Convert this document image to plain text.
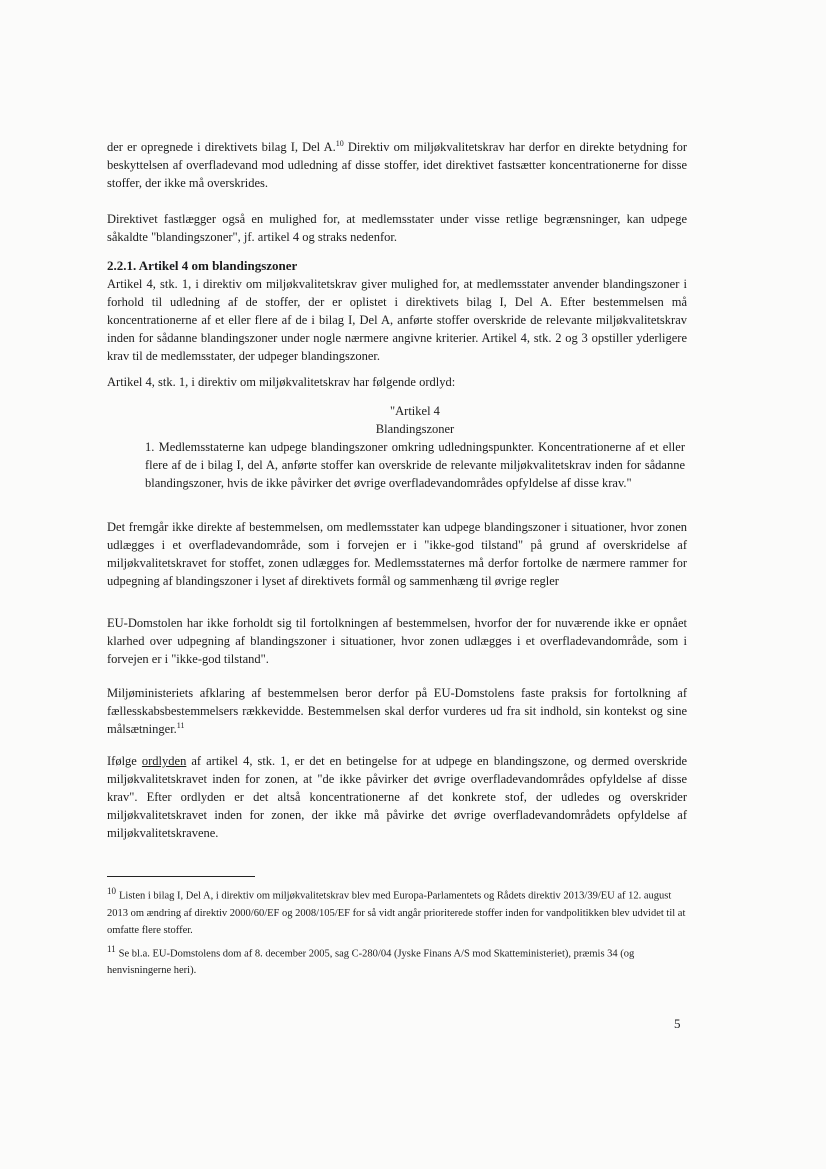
der er opregnede i direktivets bilag I, Del A.$^{10}$ Direktiv om miljøkvalitetskrav har derfor en direkte betydning for beskyttelsen af overfladevand mod udledning af disse stoffer, idet direktivet fastsætter koncentrationerne for disse stoffer, der ikke må overskrides.

Direktivet fastlægger også en mulighed for, at medlemsstater under visse retlige begrænsninger, kan udpege såkaldte "blandingszoner", jf. artikel 4 og straks nedenfor.

2.2.1. Artikel 4 om blandingszoner

Artikel 4, stk. 1, i direktiv om miljøkvalitetskrav giver mulighed for, at medlemsstater anvender blandingszoner i forhold til udledning af de stoffer, der er oplistet i direktivets bilag I, Del A. Efter bestemmelsen må koncentrationerne af et eller flere af de i bilag I, Del A, anførte stoffer overskride de relevante miljøkvalitetskrav inden for sådanne blandingszoner under nogle nærmere angivne kriterier. Artikel 4, stk. 2 og 3 opstiller yderligere krav til de medlemsstater, der udpeger blandingszoner.

Artikel 4, stk. 1, i direktiv om miljøkvalitetskrav har følgende ordlyd:

"Artikel 4

Blandingszoner

1. Medlemsstaterne kan udpege blandingszoner omkring udledningspunkter. Koncentrationerne af et eller flere af de i bilag I, del A, anførte stoffer kan overskride de relevante miljøkvalitetskrav inden for sådanne blandingszoner, hvis de ikke påvirker det øvrige overfladevandområdes opfyldelse af disse krav."

Det fremgår ikke direkte af bestemmelsen, om medlemsstater kan udpege blandingszoner i situationer, hvor zonen udlægges i et overfladevandområde, som i forvejen er i "ikke-god tilstand" på grund af overskridelse af miljøkvalitetskravet for stoffet, zonen udlægges for. Medlemsstaternes må derfor fortolke de nærmere rammer for udpegning af blandingszoner i lyset af direktivets formål og sammenhæng til øvrige regler

EU-Domstolen har ikke forholdt sig til fortolkningen af bestemmelsen, hvorfor der for nuværende ikke er opnået klarhed over udpegning af blandingszoner i situationer, hvor zonen udlægges i et overfladevandområde, som i forvejen er i "ikke-god tilstand".

Miljøministeriets afklaring af bestemmelsen beror derfor på EU-Domstolens faste praksis for fortolkning af fællesskabsbestemmelsers rækkevidde. Bestemmelsen skal derfor vurderes ud fra sit indhold, sin kontekst og sine målsætninger.$^{11}$

Ifølge ordlyden af artikel 4, stk. 1, er det en betingelse for at udpege en blandingszone, og dermed overskride miljøkvalitetskravet inden for zonen, at "de ikke påvirker det øvrige overfladevandområdes opfyldelse af disse krav". Efter ordlyden er det altså koncentrationerne af det konkrete stof, der udledes og overskrider miljøkvalitetskravet inden for zonen, der ikke må påvirke det øvrige overfladevandområdets opfyldelse af miljøkvalitetskravene.

$^{10}$ Listen i bilag I, Del A, i direktiv om miljøkvalitetskrav blev med Europa-Parlamentets og Rådets direktiv 2013/39/EU af 12. august 2013 om ændring af direktiv 2000/60/EF og 2008/105/EF for så vidt angår prioriterede stoffer inden for vandpolitikken blev udvidet til at omfatte flere stoffer.

$^{11}$ Se bl.a. EU-Domstolens dom af 8. december 2005, sag C-280/04 (Jyske Finans A/S mod Skatteministeriet), præmis 34 (og henvisningerne heri).

5
